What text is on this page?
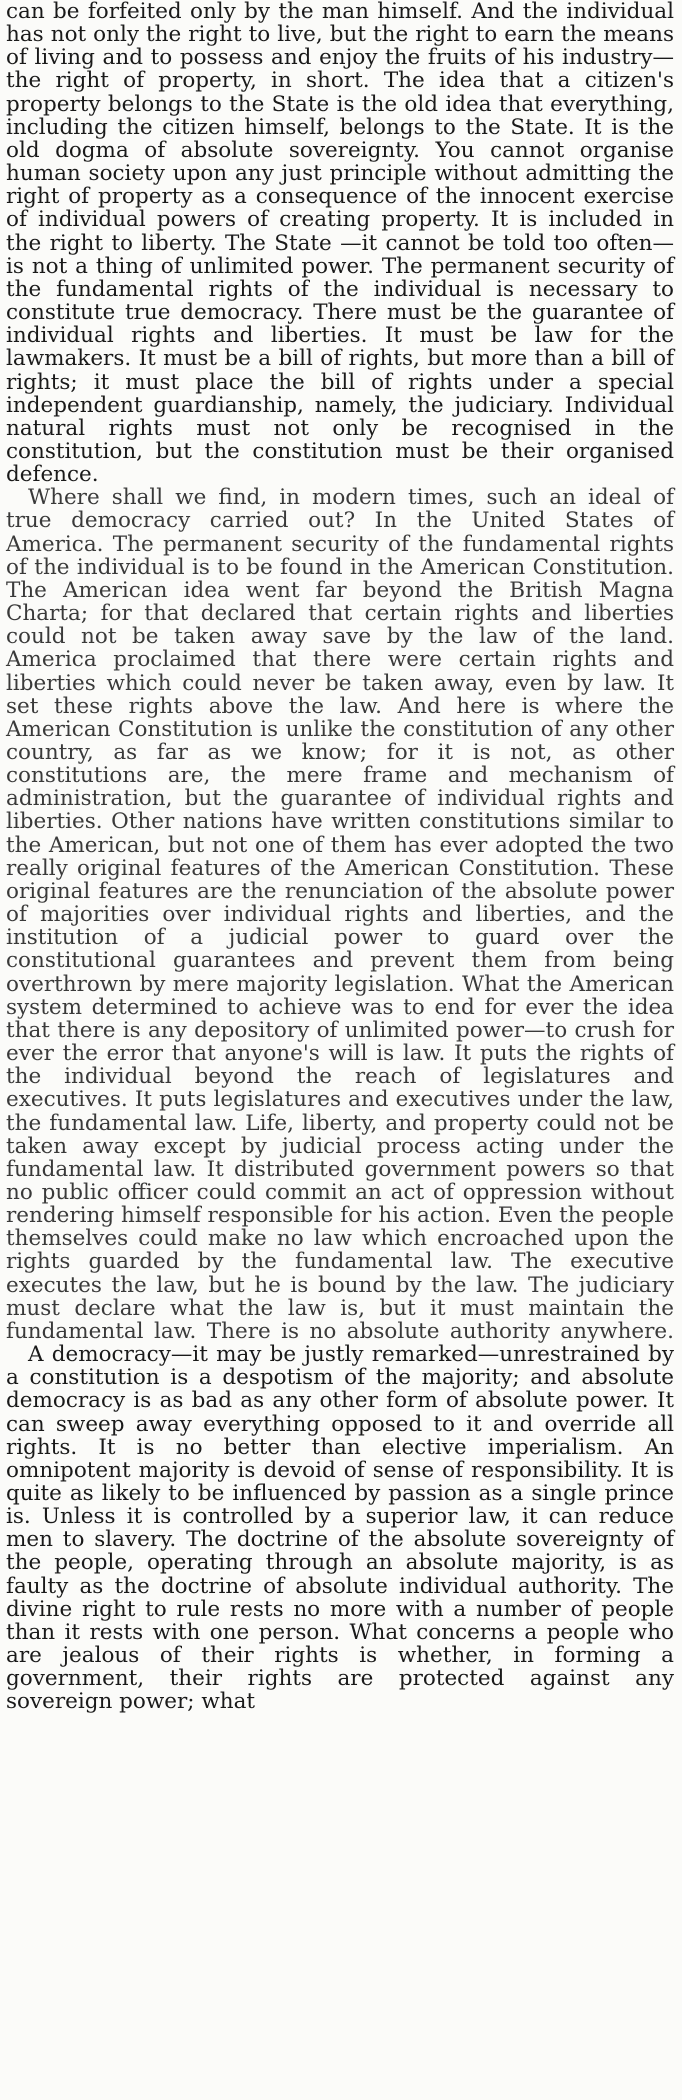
can be forfeited only by the man himself. And the individual has not only the right to live, but the right to earn the means of living and to possess and enjoy the fruits of his industry—the right of property, in short. The idea that a citizen's property belongs to the State is the old idea that everything, including the citizen himself, belongs to the State. It is the old dogma of absolute sovereignty. You cannot organise human society upon any just principle without admitting the right of property as a consequence of the innocent exercise of individual powers of creating property. It is included in the right to liberty. The State —it cannot be told too often—is not a thing of unlimited power. The permanent security of the fundamental rights of the individual is necessary to constitute true democracy. There must be the guarantee of individual rights and liberties. It must be law for the lawmakers. It must be a bill of rights, but more than a bill of rights; it must place the bill of rights under a special independent guardianship, namely, the judiciary. Individual natural rights must not only be recognised in the constitution, but the constitution must be their organised defence.

Where shall we find, in modern times, such an ideal of true democracy carried out? In the United States of America. The permanent security of the fundamental rights of the individual is to be found in the American Constitution. The American idea went far beyond the British Magna Charta; for that declared that certain rights and liberties could not be taken away save by the law of the land. America proclaimed that there were certain rights and liberties which could never be taken away, even by law. It set these rights above the law. And here is where the American Constitution is unlike the constitution of any other country, as far as we know; for it is not, as other constitutions are, the mere frame and mechanism of administration, but the guarantee of individual rights and liberties. Other nations have written constitutions similar to the American, but not one of them has ever adopted the two really original features of the American Constitution. These original features are the renunciation of the absolute power of majorities over individual rights and liberties, and the institution of a judicial power to guard over the constitutional guarantees and prevent them from being overthrown by mere majority legislation. What the American system determined to achieve was to end for ever the idea that there is any depository of unlimited power—to crush for ever the error that anyone's will is law. It puts the rights of the individual beyond the reach of legislatures and executives. It puts legislatures and executives under the law, the fundamental law. Life, liberty, and property could not be taken away except by judicial process acting under the fundamental law. It distributed government powers so that no public officer could commit an act of oppression without rendering himself responsible for his action. Even the people themselves could make no law which encroached upon the rights guarded by the fundamental law. The executive executes the law, but he is bound by the law. The judiciary must declare what the law is, but it must maintain the fundamental law. There is no absolute authority anywhere.

A democracy—it may be justly remarked—unrestrained by a constitution is a despotism of the majority; and absolute democracy is as bad as any other form of absolute power. It can sweep away everything opposed to it and override all rights. It is no better than elective imperialism. An omnipotent majority is devoid of sense of responsibility. It is quite as likely to be influenced by passion as a single prince is. Unless it is controlled by a superior law, it can reduce men to slavery. The doctrine of the absolute sovereignty of the people, operating through an absolute majority, is as faulty as the doctrine of absolute individual authority. The divine right to rule rests no more with a number of people than it rests with one person. What concerns a people who are jealous of their rights is whether, in forming a government, their rights are protected against any sovereign power; what
